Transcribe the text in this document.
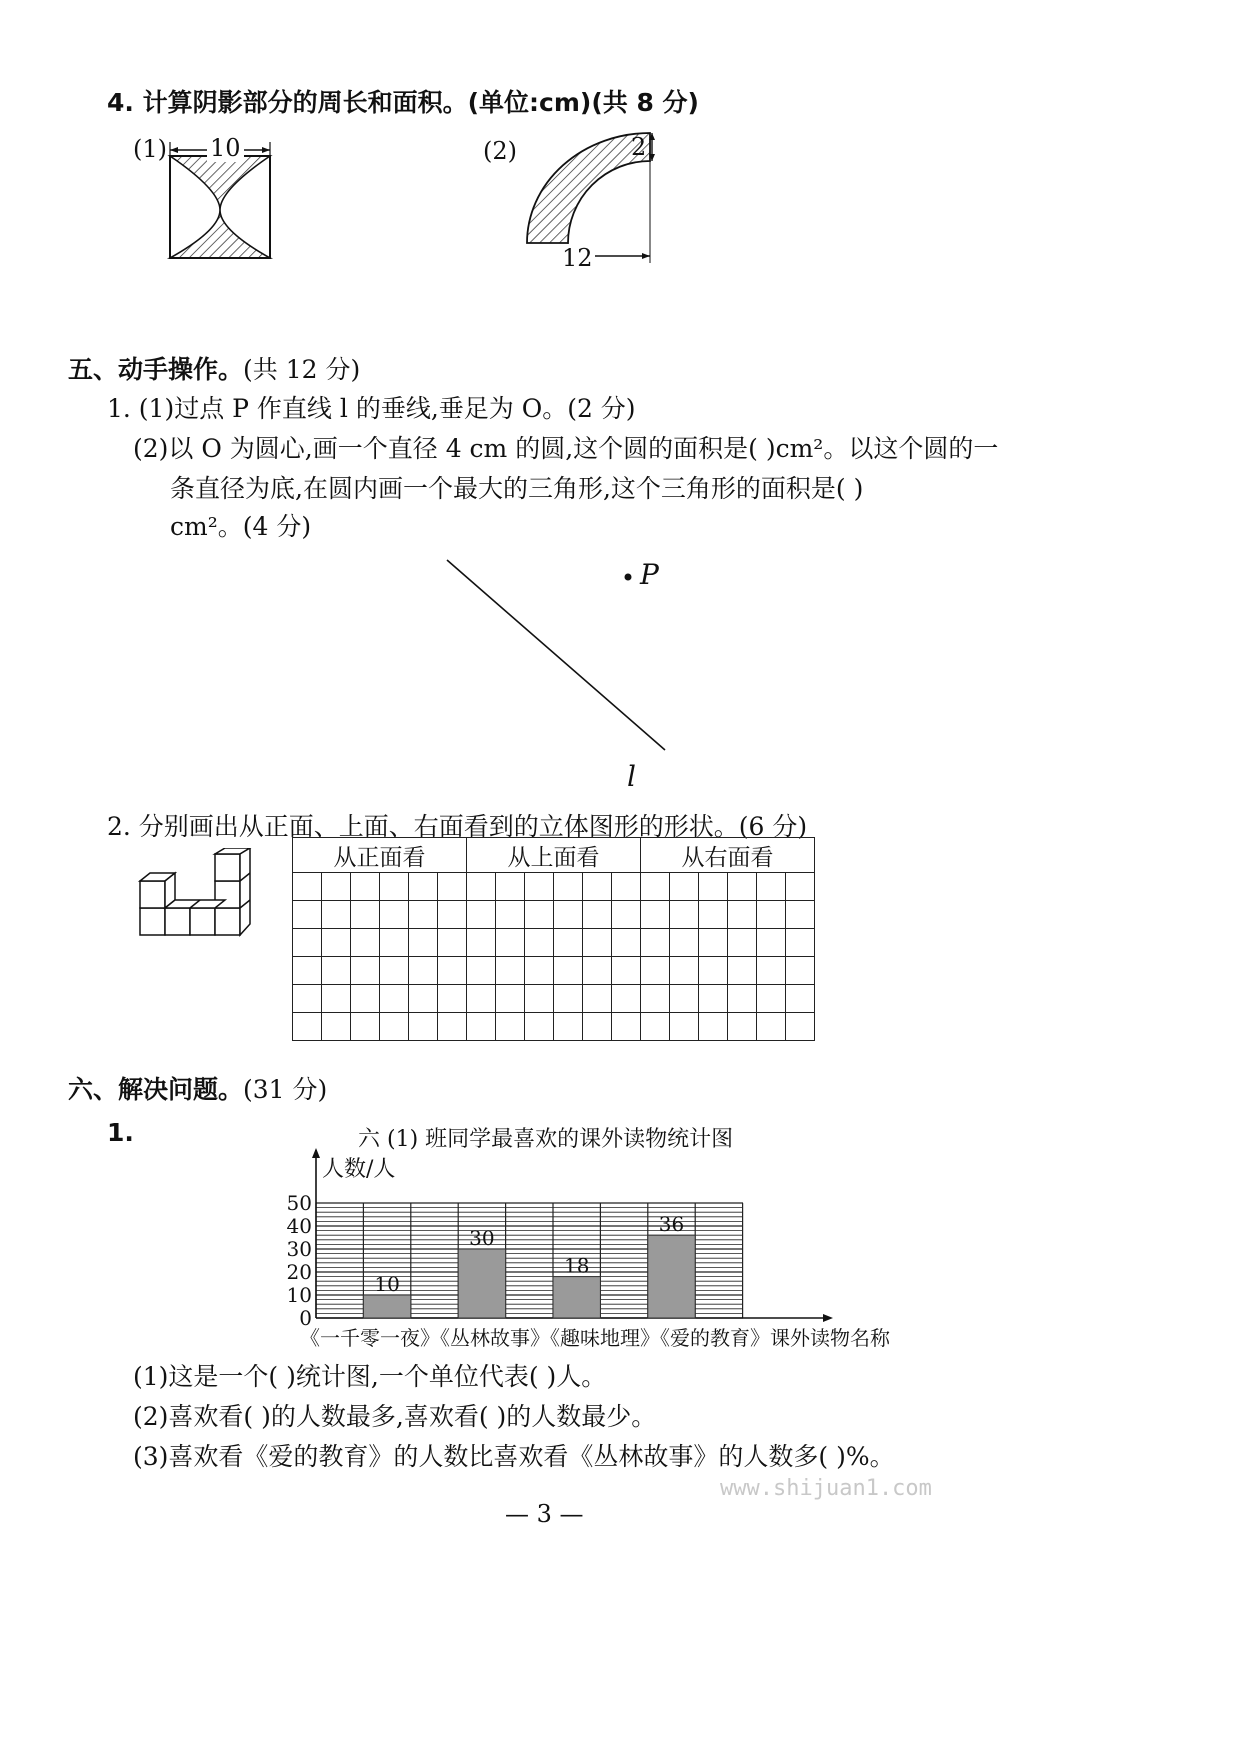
4. 计算阴影部分的周长和面积。(单位:cm)(共 8 分)
(1) 10	(2)	2
12
五、动手操作。(共 12 分)
1. (1)过点 P 作直线 l 的垂线,垂足为 O。(2 分)
(2)以 O 为圆心,画一个直径 4 cm 的圆,这个圆的面积是( )cm²。以这个圆的一
条直径为底,在圆内画一个最大的三角形,这个三角形的面积是( )
cm²。(4 分)
P
l
2. 分别画出从正面、上面、右面看到的立体图形的形状。(6 分)
从正面看						从上面看						从右面看					

六、解决问题。(31 分)
1.	六 (1) 班同学最喜欢的课外读物统计图
人数/人
0
10
20
30
40
50
10
30
18
36
《一千零一夜》《丛林故事》《趣味地理》《爱的教育》课外读物名称
(1)这是一个( )统计图,一个单位代表( )人。
(2)喜欢看( )的人数最多,喜欢看( )的人数最少。
(3)喜欢看《爱的教育》的人数比喜欢看《丛林故事》的人数多( )%。
www.shijuan1.com
— 3 —
